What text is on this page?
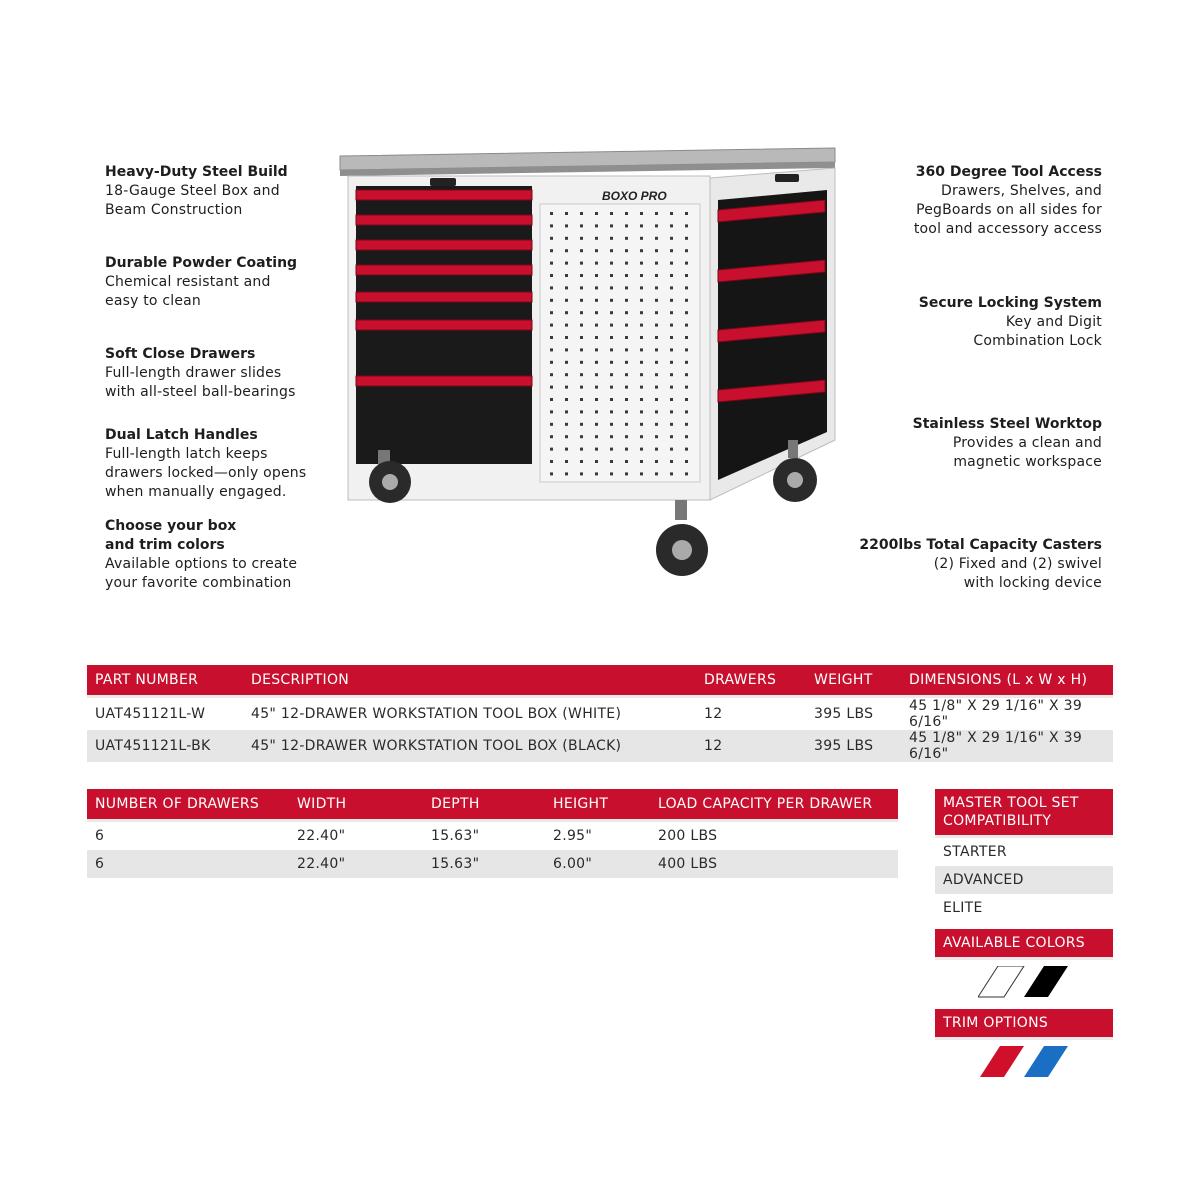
Heavy-Duty Steel Build
18-Gauge Steel Box and
Beam Construction
Durable Powder Coating
Chemical resistant and
easy to clean
Soft Close Drawers
Full-length drawer slides
with all-steel ball-bearings
Dual Latch Handles
Full-length latch keeps
drawers locked—only opens
when manually engaged.
Choose your box
and trim colors
Available options to create
your favorite combination
360 Degree Tool Access
Drawers, Shelves, and
PegBoards on all sides for
tool and accessory access
Secure Locking System
Key and Digit
Combination Lock
Stainless Steel Worktop
Provides a clean and
magnetic workspace
2200lbs Total Capacity Casters
(2) Fixed and (2) swivel
with locking device
BOXO PRO
PART NUMBER	DESCRIPTION	DRAWERS	WEIGHT	DIMENSIONS (L x W x H)
UAT451121L-W	45" 12-DRAWER WORKSTATION TOOL BOX (WHITE)	12	395 LBS	45 1/8" X 29 1/16" X 39 6/16"
UAT451121L-BK	45" 12-DRAWER WORKSTATION TOOL BOX (BLACK)	12	395 LBS	45 1/8" X 29 1/16" X 39 6/16"
NUMBER OF DRAWERS	WIDTH	DEPTH	HEIGHT	LOAD CAPACITY PER DRAWER
6	22.40"	15.63"	2.95"	200 LBS
6	22.40"	15.63"	6.00"	400 LBS
MASTER TOOL SET
COMPATIBILITY
STARTER
ADVANCED
ELITE
AVAILABLE COLORS
TRIM OPTIONS
